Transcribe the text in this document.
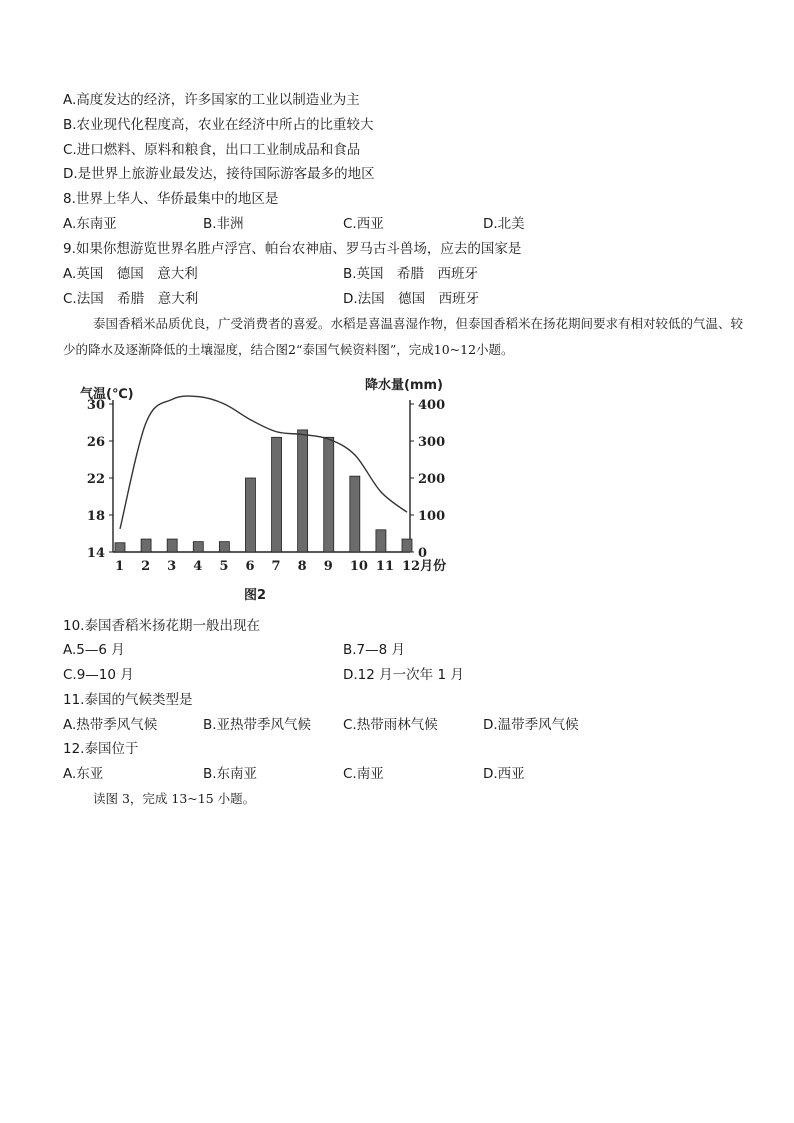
A.高度发达的经济，许多国家的工业以制造业为主
B.农业现代化程度高，农业在经济中所占的比重较大
C.进口燃料、原料和粮食，出口工业制成品和食品
D.是世界上旅游业最发达，接待国际游客最多的地区
8.世界上华人、华侨最集中的地区是
A.东南亚	B.非洲	C.西亚	D.北美
9.如果你想游览世界名胜卢浮宫、帕台农神庙、罗马古斗兽场，应去的国家是
A.英国　德国　意大利	B.英国　希腊　西班牙
C.法国　希腊　意大利	D.法国　德国　西班牙
泰国香稻米品质优良，广受消费者的喜爱。水稻是喜温喜湿作物，但泰国香稻米在扬花期间要求有相对较低的气温、较少的降水及逐渐降低的土壤湿度，结合图2“泰国气候资料图”，完成10~12小题。
气温(℃)
降水量(mm)
30
26
22
18
14
400
300
200
100
0
1 2 3 4 5 6 7 8 9 10 11 12月份
图2
10.泰国香稻米扬花期一般出现在
A.5—6 月	B.7—8 月
C.9—10 月	D.12 月一次年 1 月
11.泰国的气候类型是
A.热带季风气候	B.亚热带季风气候 C.热带雨林气候	D.温带季风气候
12.泰国位于
A.东亚	B.东南亚	C.南亚	D.西亚
读图 3，完成 13~15 小题。
